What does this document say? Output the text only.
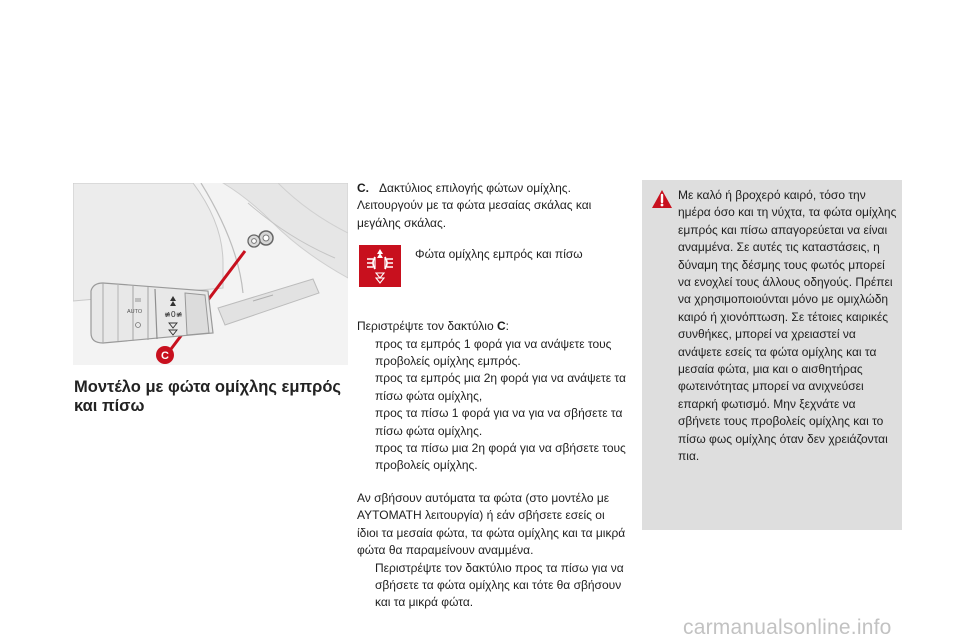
AUTO	≢0≢
C
Μοντέλο με φώτα ομίχλης εμπρός και πίσω

C. Δακτύλιος επιλογής φώτων ομίχλης. Λειτουργούν με τα φώτα μεσαίας σκάλας και μεγάλης σκάλας.

Φώτα ομίχλης εμπρός και πίσω

Περιστρέψτε τον δακτύλιο C:

προς τα εμπρός 1 φορά για να ανάψετε τους προβολείς ομίχλης εμπρός.
προς τα εμπρός μια 2η φορά για να ανάψετε τα πίσω φώτα ομίχλης,
προς τα πίσω 1 φορά για να για να σβήσετε τα πίσω φώτα ομίχλης.
προς τα πίσω μια 2η φορά για να σβήσετε τους προβολείς ομίχλης.

Αν σβήσουν αυτόματα τα φώτα (στο μοντέλο με ΑΥΤΟΜΑΤΗ λειτουργία) ή εάν σβήσετε εσείς οι ίδιοι τα μεσαία φώτα, τα φώτα ομίχλης και τα μικρά φώτα θα παραμείνουν αναμμένα.

Περιστρέψτε τον δακτύλιο προς τα πίσω για να σβήσετε τα φώτα ομίχλης και τότε θα σβήσουν και τα μικρά φώτα.

Με καλό ή βροχερό καιρό, τόσο την ημέρα όσο και τη νύχτα, τα φώτα ομίχλης εμπρός και πίσω απαγορεύεται να είναι αναμμένα. Σε αυτές τις καταστάσεις, η δύναμη της δέσμης τους φωτός μπορεί να ενοχλεί τους άλλους οδηγούς. Πρέπει να χρησιμοποιούνται μόνο με ομιχλώδη καιρό ή χιονόπτωση. Σε τέτοιες καιρικές συνθήκες, μπορεί να χρειαστεί να ανάψετε εσείς τα φώτα ομίχλης και τα μεσαία φώτα, μια και ο αισθητήρας φωτεινότητας μπορεί να ανιχνεύσει επαρκή φωτισμό. Μην ξεχνάτε να σβήνετε τους προβολείς ομίχλης και το πίσω φως ομίχλης όταν δεν χρειάζονται πια.

carmanualsonline.info
